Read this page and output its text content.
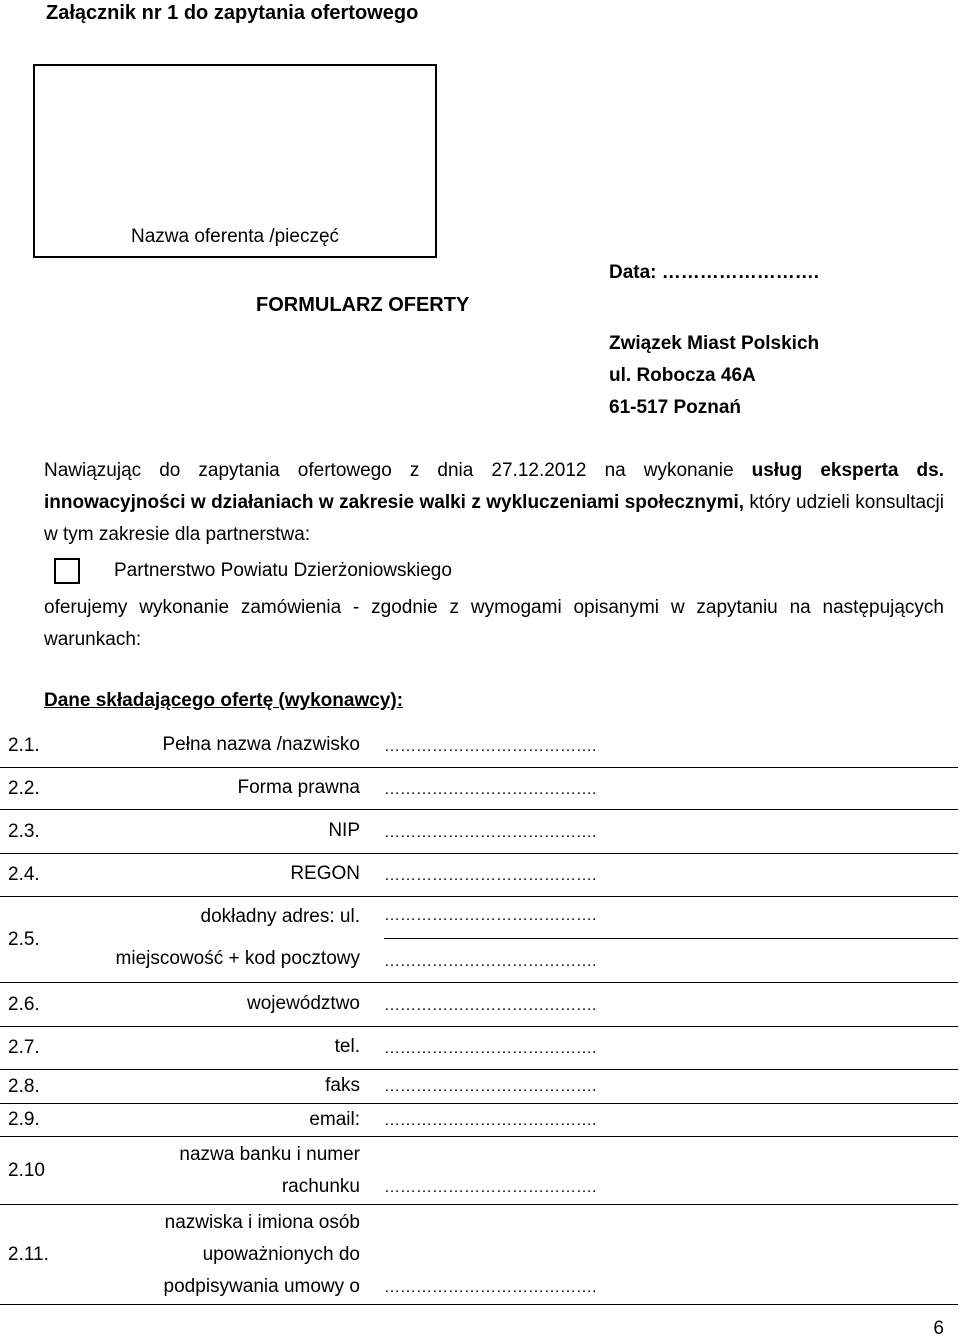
Załącznik nr 1 do zapytania ofertowego
Nazwa oferenta /pieczęć
Data: …………………….
FORMULARZ OFERTY
Związek Miast Polskich
ul. Robocza 46A
61-517 Poznań
Nawiązując do zapytania ofertowego z dnia 27.12.2012 na wykonanie usług eksperta ds. innowacyjności w działaniach w zakresie walki z wykluczeniami społecznymi, który udzieli konsultacji w tym zakresie dla partnerstwa:
Partnerstwo Powiatu Dzierżoniowskiego
oferujemy wykonanie zamówienia - zgodnie z wymogami opisanymi w zapytaniu na następujących warunkach:
Dane składającego ofertę (wykonawcy):
2.1.	Pełna nazwa /nazwisko ………………………………….
2.2.	Forma prawna ………………………………….
2.3.	NIP ………………………………….
2.4.	REGON ………………………………….
2.5.
dokładny adres: ul. ………………………………….
miejscowość + kod pocztowy ………………………………….
2.6.	województwo ………………………………….
2.7.	tel. ………………………………….
2.8.	faks ………………………………….
2.9.	email: ………………………………….
2.10
nazwa banku i numer rachunku ………………………………….
2.11.
nazwiska i imiona osób upoważnionych do podpisywania umowy o ………………………………….
6
